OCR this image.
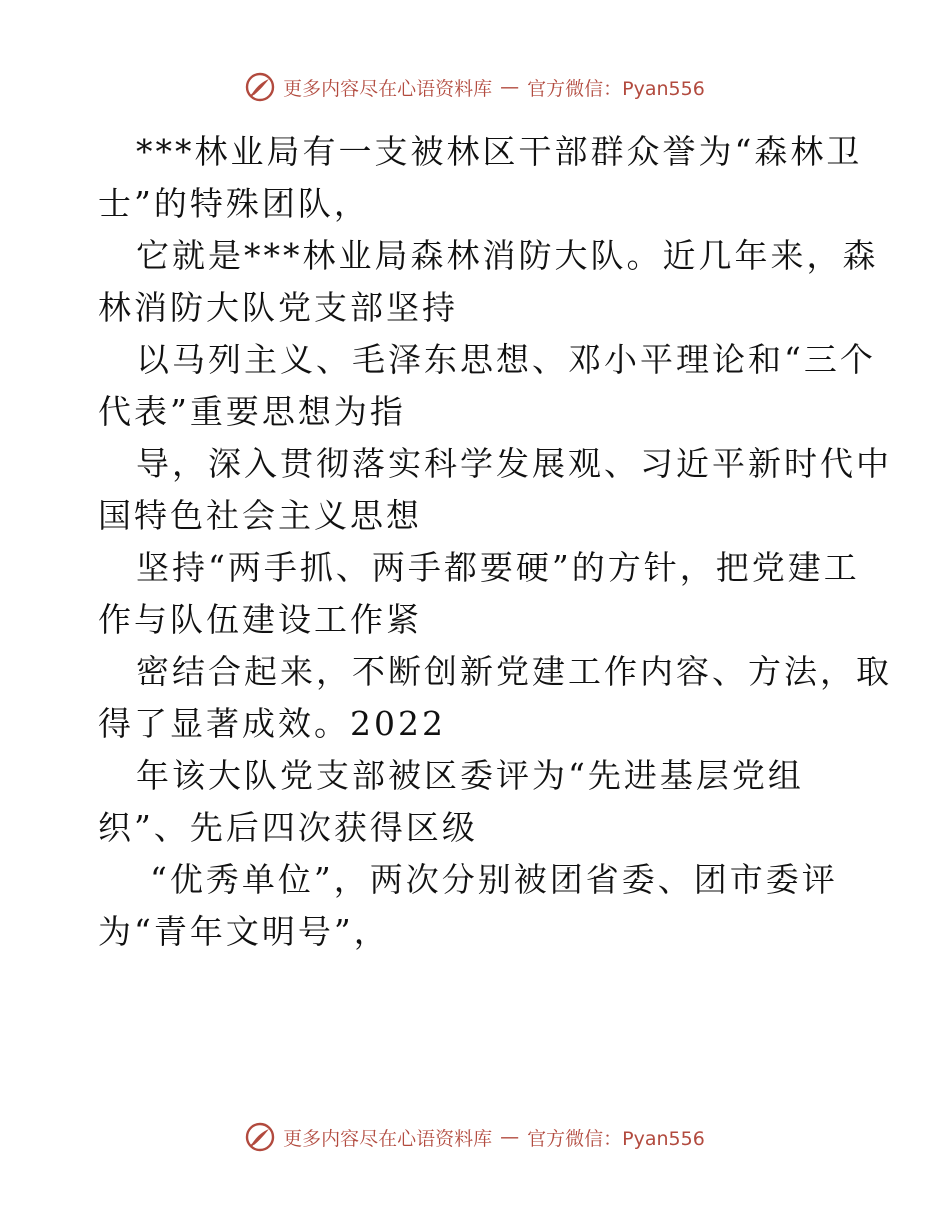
更多内容尽在心语资料库 — 官方微信：Pyan556
***林业局有一支被林区干部群众誉为“森林卫
士”的特殊团队，
它就是***林业局森林消防大队。近几年来，森
林消防大队党支部坚持
以马列主义、毛泽东思想、邓小平理论和“三个
代表”重要思想为指
导，深入贯彻落实科学发展观、习近平新时代中
国特色社会主义思想
坚持“两手抓、两手都要硬”的方针，把党建工
作与队伍建设工作紧
密结合起来，不断创新党建工作内容、方法，取
得了显著成效。2022
年该大队党支部被区委评为“先进基层党组
织”、先后四次获得区级
“优秀单位”，两次分别被团省委、团市委评
为“青年文明号”，
更多内容尽在心语资料库 — 官方微信：Pyan556
